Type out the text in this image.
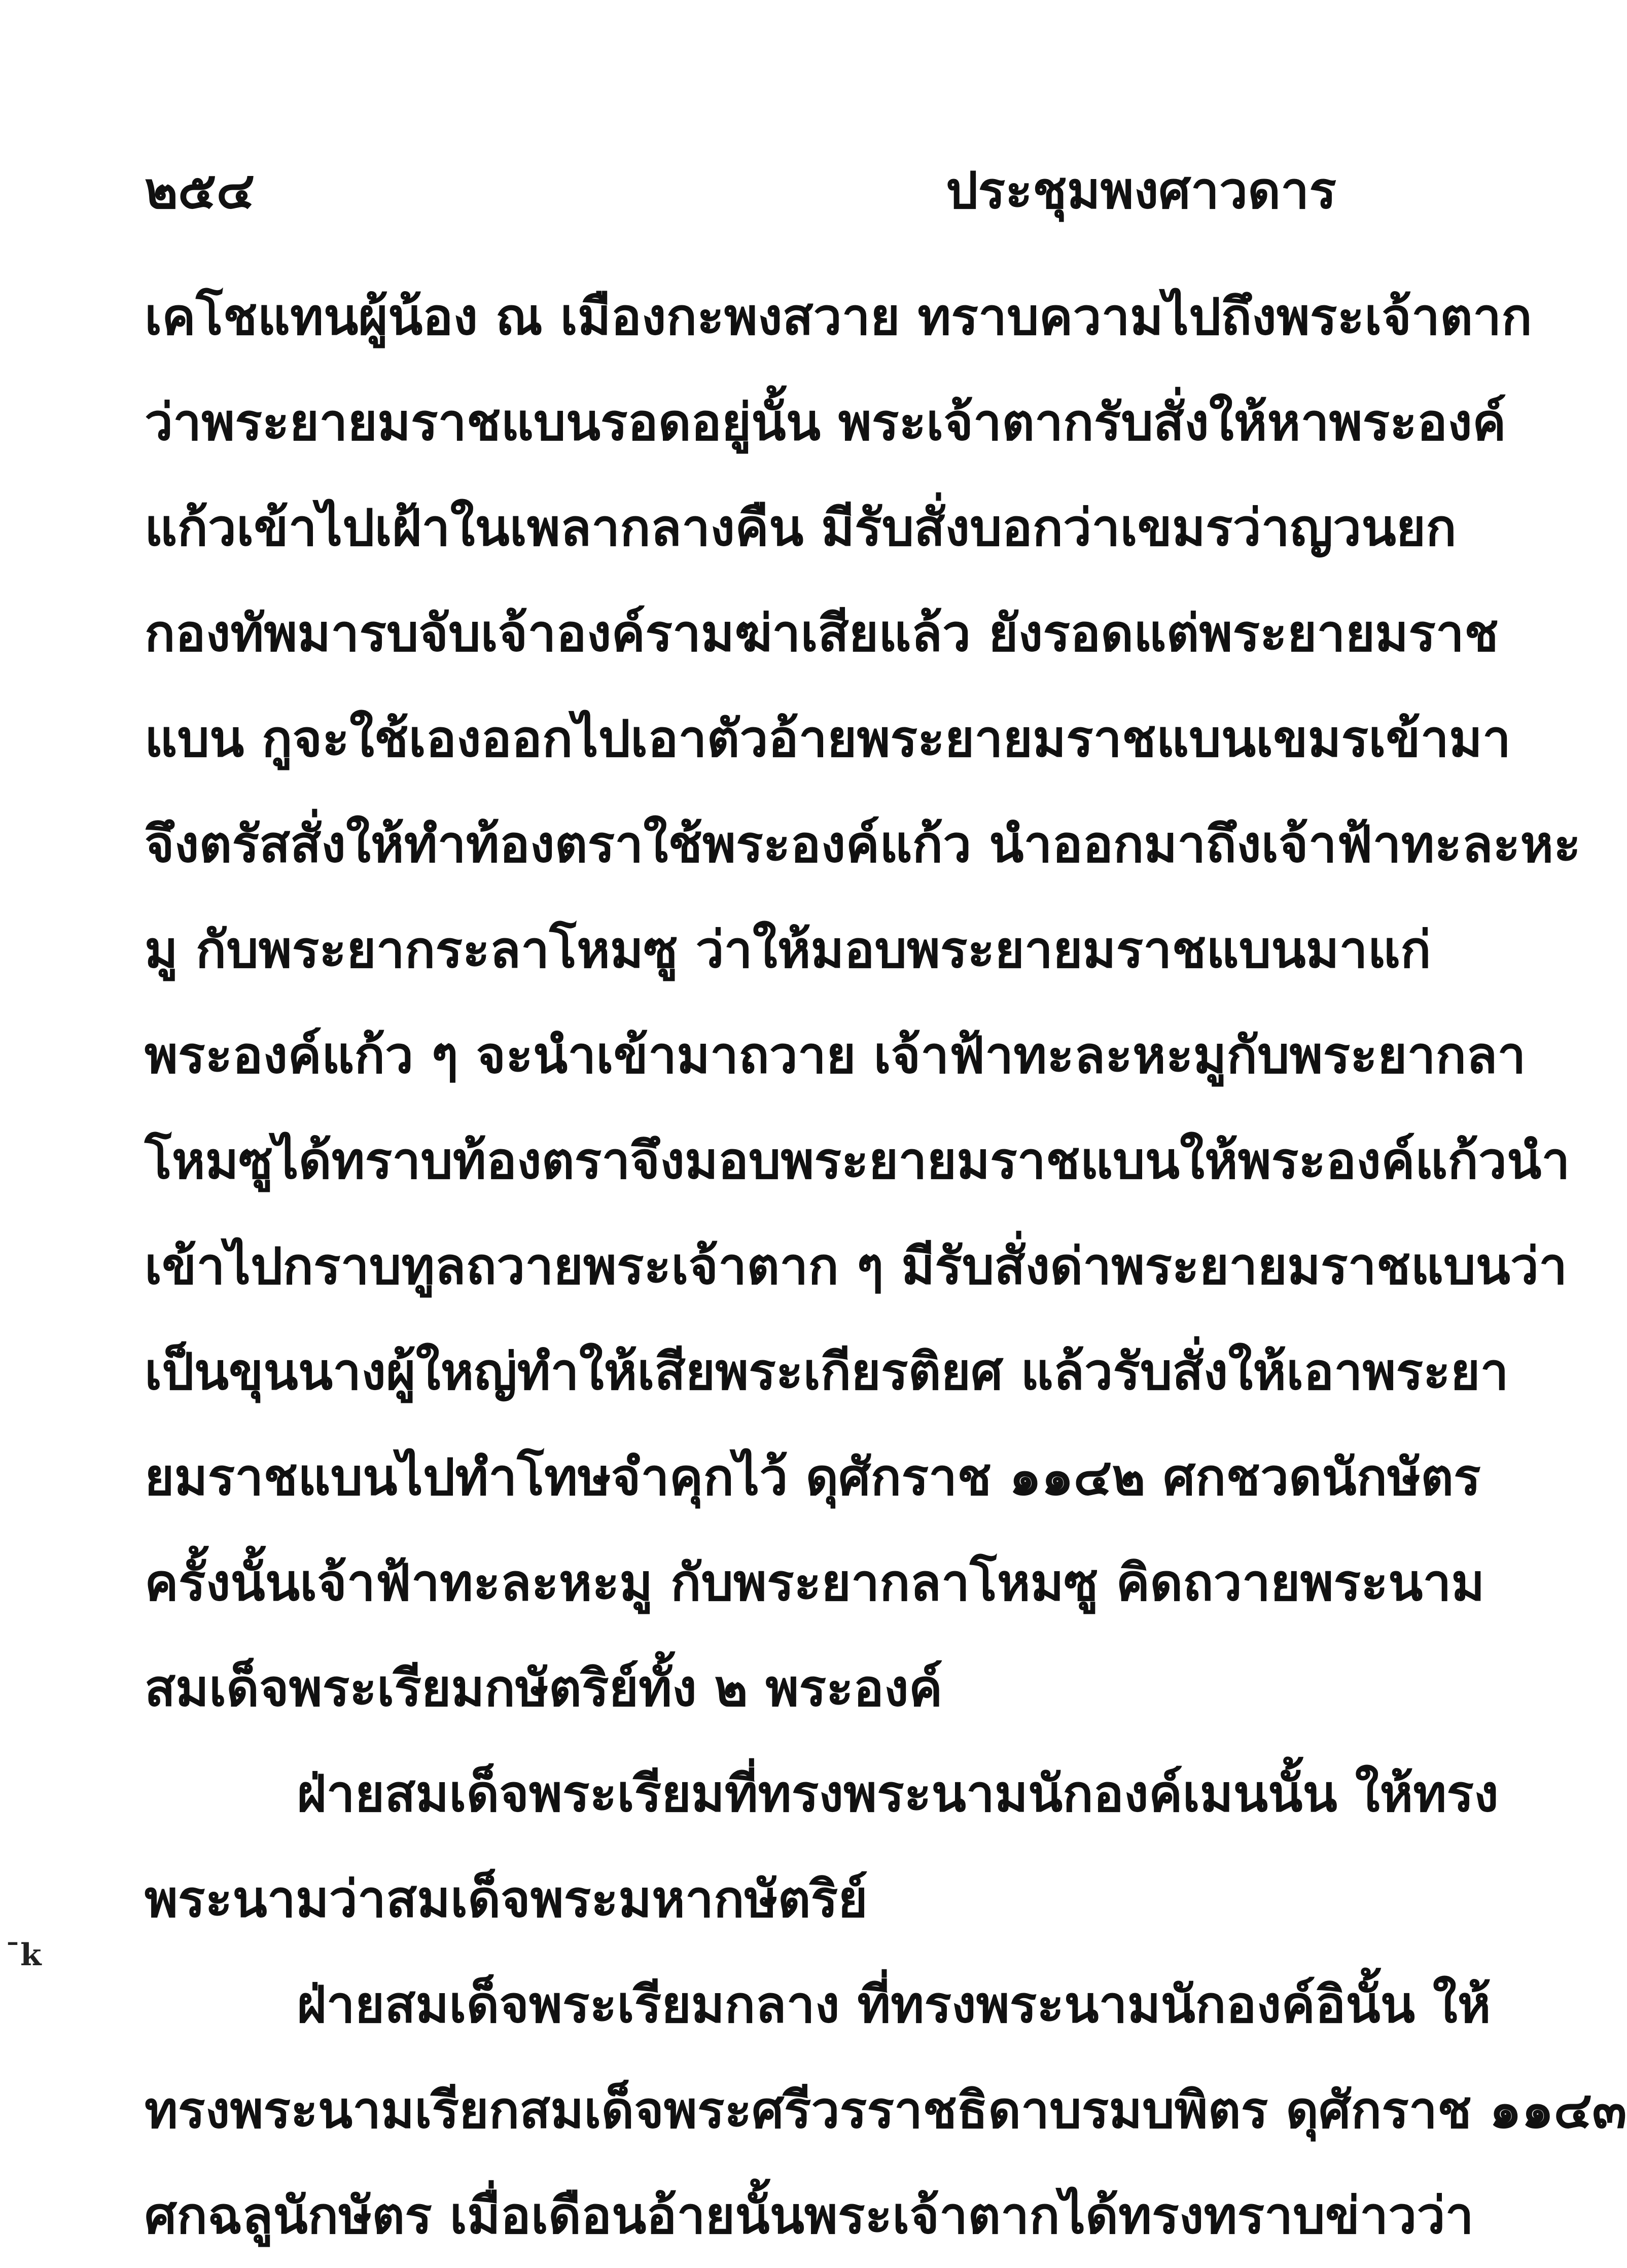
๒๕๔	ประชุมพงศาวดาร
เคโชแทนผู้น้อง ณ เมืองกะพงสวาย ทราบความไปถึงพระเจ้าตาก
ว่าพระยายมราชแบนรอดอยู่นั้น พระเจ้าตากรับสั่งให้หาพระองค์
แก้วเข้าไปเฝ้าในเพลากลางคืน มีรับสั่งบอกว่าเขมรว่าญวนยก
กองทัพมารบจับเจ้าองค์รามฆ่าเสียแล้ว ยังรอดแต่พระยายมราช
แบน กูจะใช้เองออกไปเอาตัวอ้ายพระยายมราชแบนเขมรเข้ามา
จึงตรัสสั่งให้ทำท้องตราใช้พระองค์แก้ว นำออกมาถึงเจ้าฟ้าทะละหะ
มู กับพระยากระลาโหมซู ว่าให้มอบพระยายมราชแบนมาแก่
พระองค์แก้ว ๆ จะนำเข้ามาถวาย เจ้าฟ้าทะละหะมูกับพระยากลา
โหมซูได้ทราบท้องตราจึงมอบพระยายมราชแบนให้พระองค์แก้วนำ
เข้าไปกราบทูลถวายพระเจ้าตาก ๆ มีรับสั่งด่าพระยายมราชแบนว่า
เป็นขุนนางผู้ใหญ่ทำให้เสียพระเกียรติยศ แล้วรับสั่งให้เอาพระยา
ยมราชแบนไปทำโทษจำคุกไว้ ดุศักราช ๑๑๔๒ ศกชวดนักษัตร
ครั้งนั้นเจ้าฟ้าทะละหะมู กับพระยากลาโหมซู คิดถวายพระนาม
สมเด็จพระเรียมกษัตริย์ทั้ง ๒ พระองค์
ฝ่ายสมเด็จพระเรียมที่ทรงพระนามนักองค์เมนนั้น ให้ทรง
พระนามว่าสมเด็จพระมหากษัตริย์
ฝ่ายสมเด็จพระเรียมกลาง ที่ทรงพระนามนักองค์อินั้น ให้
ทรงพระนามเรียกสมเด็จพระศรีวรราชธิดาบรมบพิตร ดุศักราช ๑๑๔๓
ศกฉลูนักษัตร เมื่อเดือนอ้ายนั้นพระเจ้าตากได้ทรงทราบข่าวว่า
ˉk
